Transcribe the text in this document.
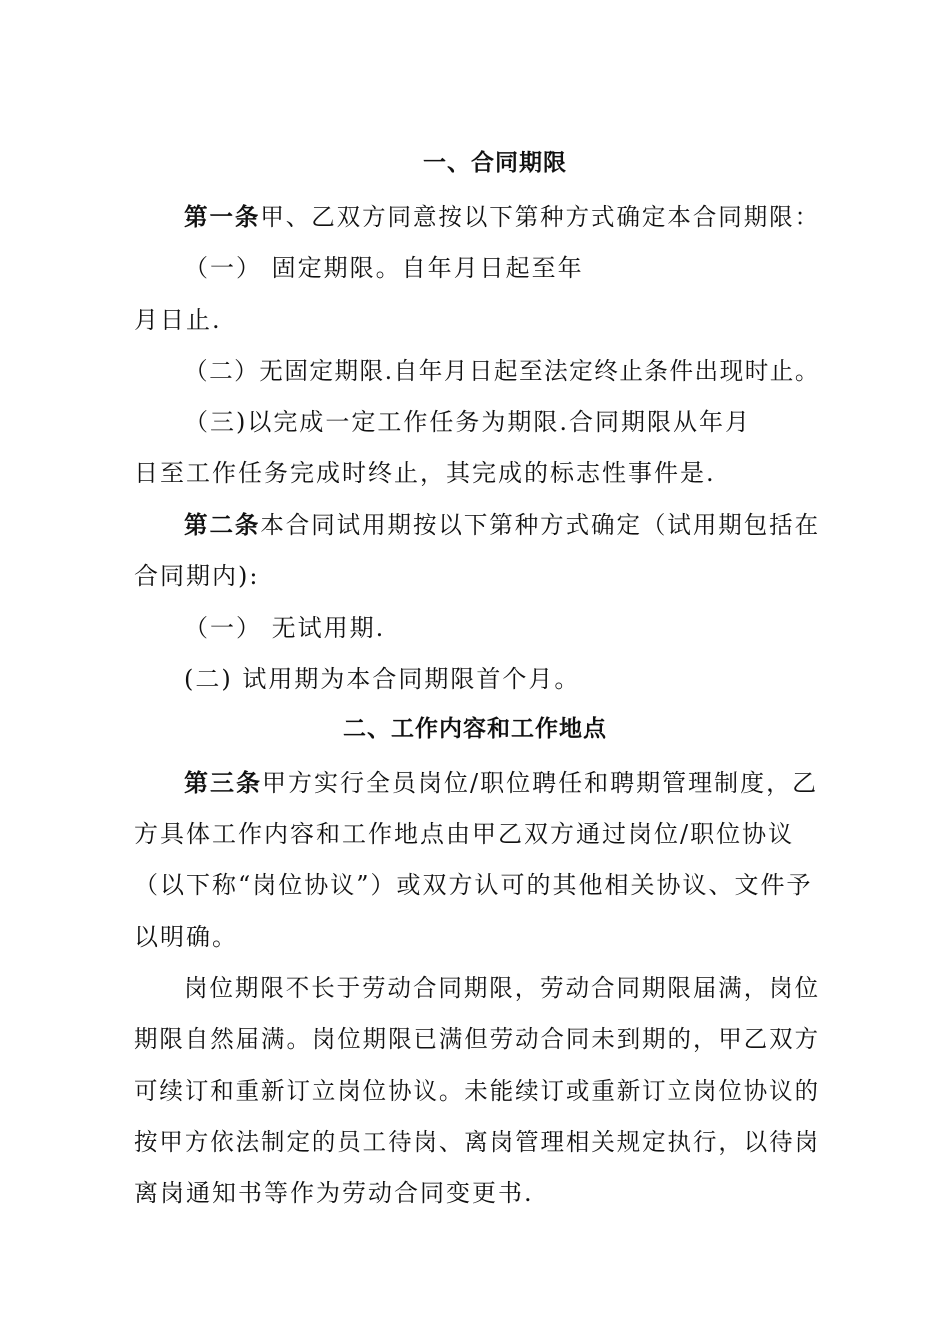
一、合同期限
第一条甲、乙双方同意按以下第种方式确定本合同期限：
（一） 固定期限。自年月日起至年
月日止.
（二）无固定期限.自年月日起至法定终止条件出现时止。
（三)以完成一定工作任务为期限.合同期限从年月
日至工作任务完成时终止，其完成的标志性事件是.
第二条本合同试用期按以下第种方式确定（试用期包括在
合同期内):
（一） 无试用期.
(二) 试用期为本合同期限首个月。
二、工作内容和工作地点
第三条甲方实行全员岗位/职位聘任和聘期管理制度，乙
方具体工作内容和工作地点由甲乙双方通过岗位/职位协议
（以下称“岗位协议”）或双方认可的其他相关协议、文件予
以明确。
岗位期限不长于劳动合同期限，劳动合同期限届满，岗位
期限自然届满。岗位期限已满但劳动合同未到期的，甲乙双方
可续订和重新订立岗位协议。未能续订或重新订立岗位协议的
按甲方依法制定的员工待岗、离岗管理相关规定执行，以待岗
离岗通知书等作为劳动合同变更书.
